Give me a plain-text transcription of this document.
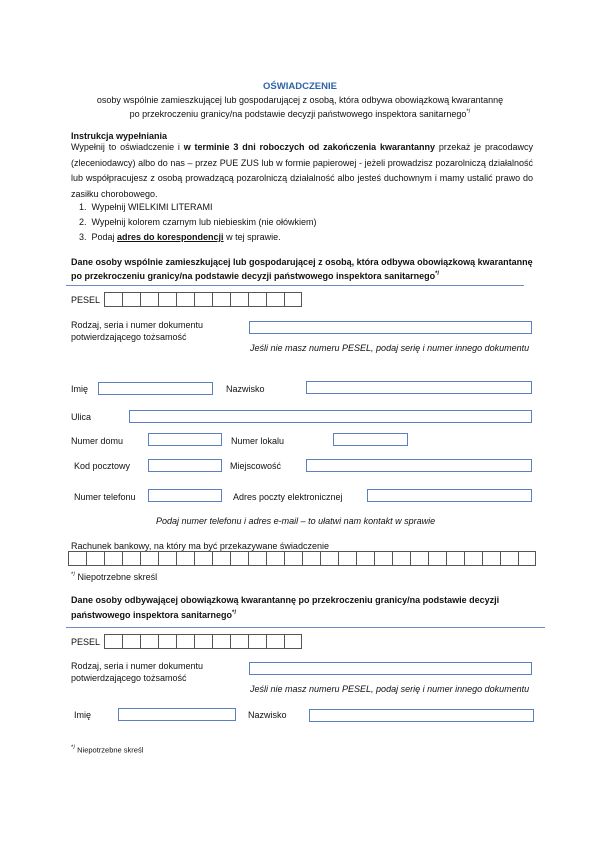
OŚWIADCZENIE
osoby wspólnie zamieszkującej lub gospodarującej z osobą, która odbywa obowiązkową kwarantannę
po przekroczeniu granicy/na podstawie decyzji państwowego inspektora sanitarnego*/
Instrukcja wypełniania
Wypełnij to oświadczenie i w terminie 3 dni roboczych od zakończenia kwarantanny przekaż je pracodawcy (zleceniodawcy) albo do nas – przez PUE ZUS lub w formie papierowej - jeżeli prowadzisz pozarolniczą działalność lub współpracujesz z osobą prowadzącą pozarolniczą działalność albo jesteś duchownym i mamy ustalić prawo do zasiłku chorobowego.
1.  Wypełnij WIELKIMI LITERAMI
2.  Wypełnij kolorem czarnym lub niebieskim (nie ołówkiem)
3.  Podaj adres do korespondencji w tej sprawie.
Dane osoby wspólnie zamieszkującej lub gospodarującej z osobą, która odbywa obowiązkową kwarantannę
po przekroczeniu granicy/na podstawie decyzji państwowego inspektora sanitarnego*/
PESEL
Rodzaj, seria i numer dokumentu
potwierdzającego tożsamość
Jeśli nie masz numeru PESEL, podaj serię i numer innego dokumentu
Imię	Nazwisko
Ulica
Numer domu	Numer lokalu
Kod pocztowy	Miejscowość
Numer telefonu	Adres poczty elektronicznej
Podaj numer telefonu i adres e-mail – to ułatwi nam kontakt w sprawie
Rachunek bankowy, na który ma być przekazywane świadczenie
*/ Niepotrzebne skreśl
Dane osoby odbywającej obowiązkową kwarantannę po przekroczeniu granicy/na podstawie decyzji
państwowego inspektora sanitarnego*/
PESEL
Rodzaj, seria i numer dokumentu
potwierdzającego tożsamość
Jeśli nie masz numeru PESEL, podaj serię i numer innego dokumentu
Imię	Nazwisko
*/ Niepotrzebne skreśl
